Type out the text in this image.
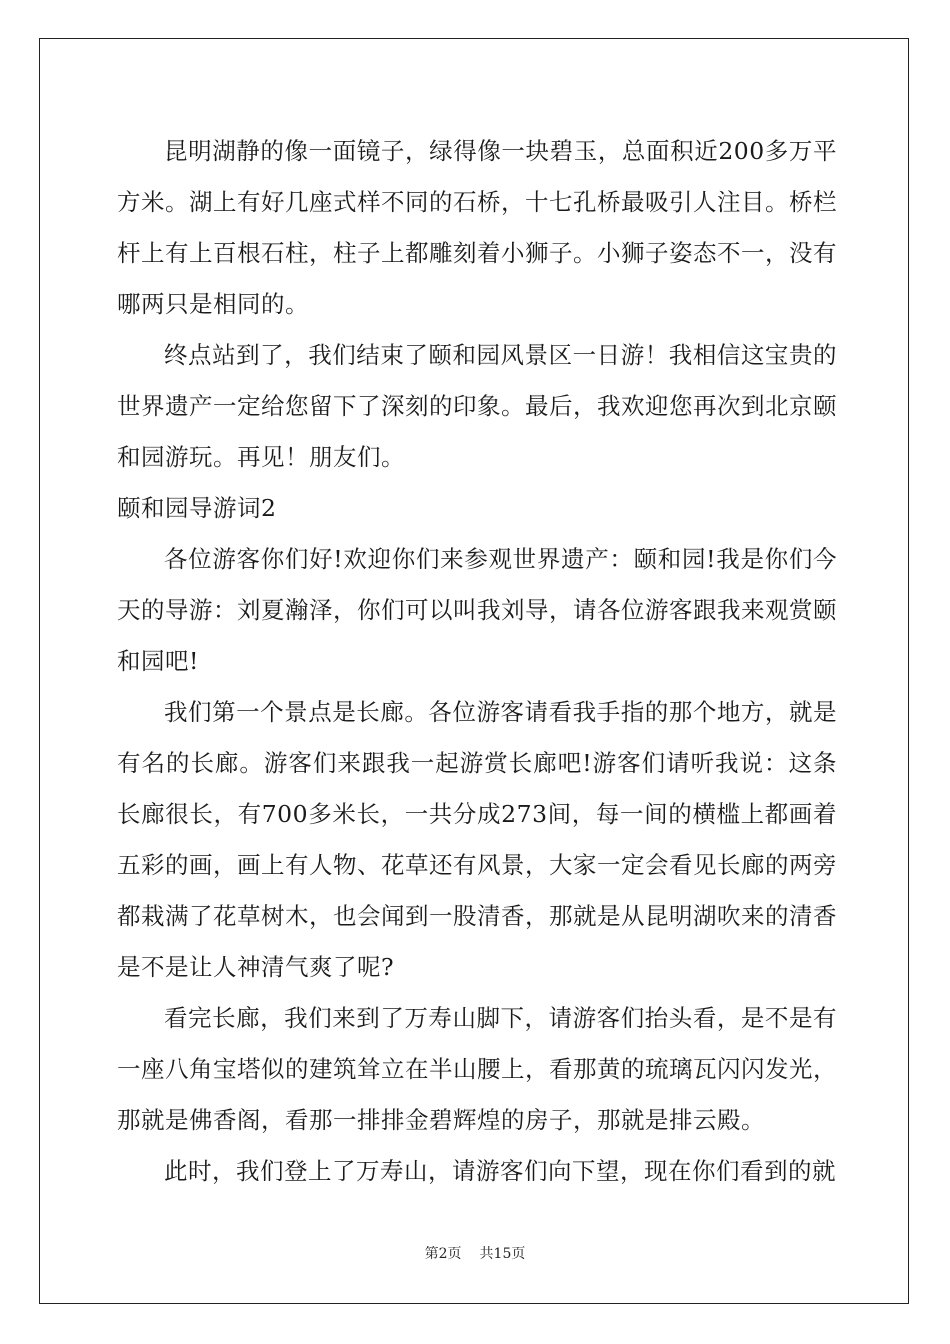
昆明湖静的像一面镜子，绿得像一块碧玉，总面积近200多万平方米。湖上有好几座式样不同的石桥，十七孔桥最吸引人注目。桥栏杆上有上百根石柱，柱子上都雕刻着小狮子。小狮子姿态不一，没有哪两只是相同的。

终点站到了，我们结束了颐和园风景区一日游！我相信这宝贵的世界遗产一定给您留下了深刻的印象。最后，我欢迎您再次到北京颐和园游玩。再见！朋友们。

颐和园导游词2

各位游客你们好!欢迎你们来参观世界遗产：颐和园!我是你们今天的导游：刘夏瀚泽，你们可以叫我刘导，请各位游客跟我来观赏颐和园吧!

我们第一个景点是长廊。各位游客请看我手指的那个地方，就是有名的长廊。游客们来跟我一起游赏长廊吧!游客们请听我说：这条长廊很长，有700多米长，一共分成273间，每一间的横槛上都画着五彩的画，画上有人物、花草还有风景，大家一定会看见长廊的两旁都栽满了花草树木，也会闻到一股清香，那就是从昆明湖吹来的清香是不是让人神清气爽了呢?

看完长廊，我们来到了万寿山脚下，请游客们抬头看，是不是有一座八角宝塔似的建筑耸立在半山腰上，看那黄的琉璃瓦闪闪发光，那就是佛香阁，看那一排排金碧辉煌的房子，那就是排云殿。

此时，我们登上了万寿山，请游客们向下望，现在你们看到的就

第2页 共15页
